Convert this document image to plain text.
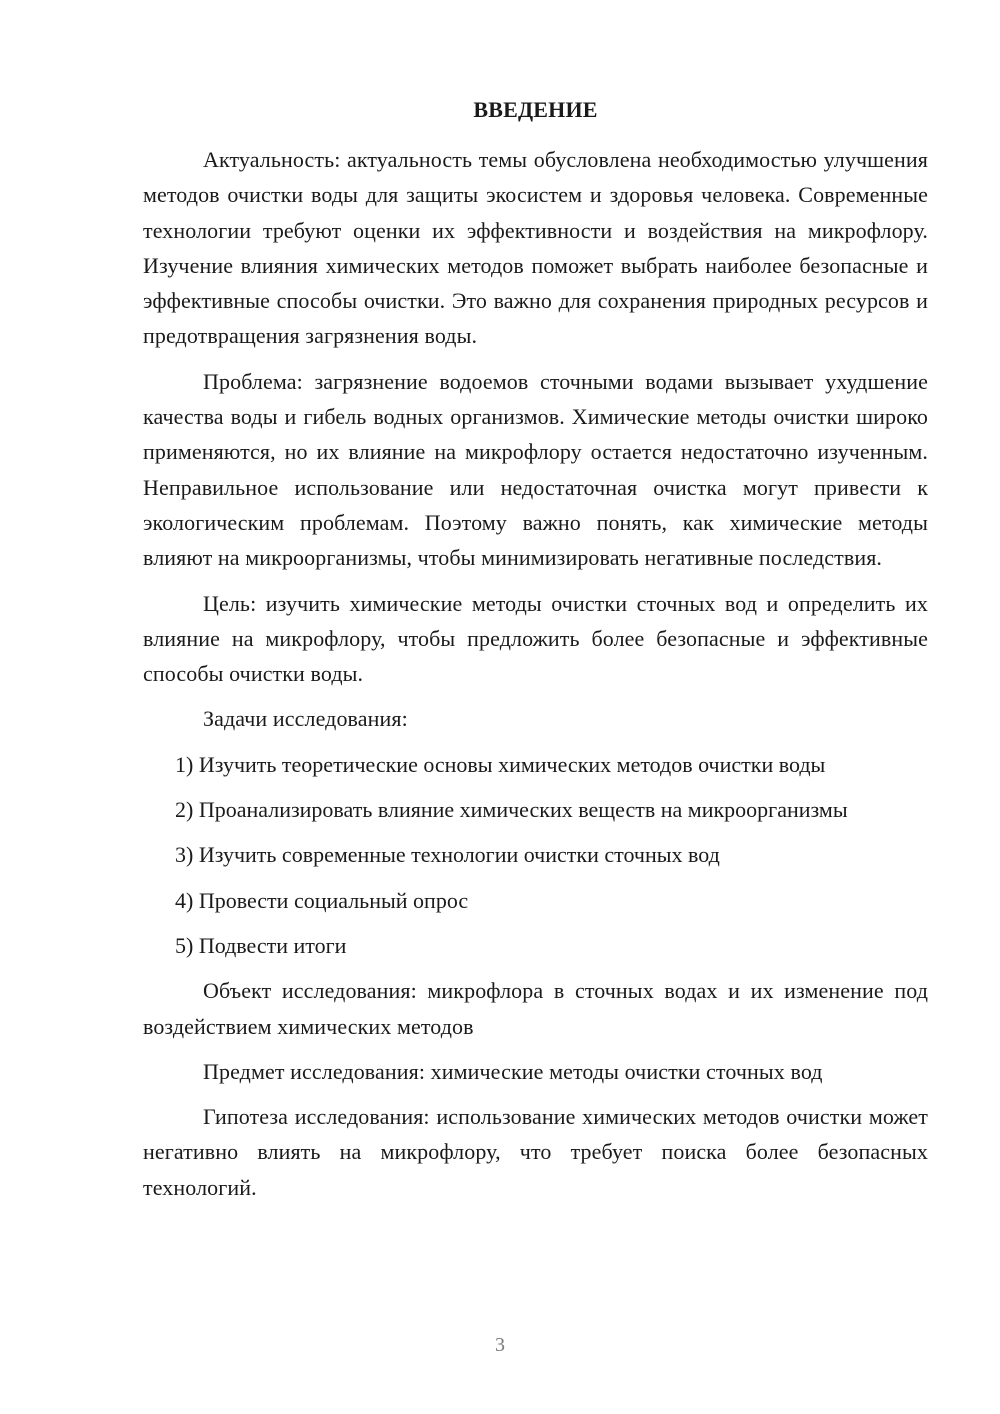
ВВЕДЕНИЕ

Актуальность: актуальность темы обусловлена необходимостью улучшения методов очистки воды для защиты экосистем и здоровья человека. Современные технологии требуют оценки их эффективности и воздействия на микрофлору. Изучение влияния химических методов поможет выбрать наиболее безопасные и эффективные способы очистки. Это важно для сохранения природных ресурсов и предотвращения загрязнения воды.

Проблема: загрязнение водоемов сточными водами вызывает ухудшение качества воды и гибель водных организмов. Химические методы очистки широко применяются, но их влияние на микрофлору остается недостаточно изученным. Неправильное использование или недостаточная очистка могут привести к экологическим проблемам. Поэтому важно понять, как химические методы влияют на микроорганизмы, чтобы минимизировать негативные последствия.

Цель: изучить химические методы очистки сточных вод и определить их влияние на микрофлору, чтобы предложить более безопасные и эффективные способы очистки воды.

Задачи исследования:

1) Изучить теоретические основы химических методов очистки воды

2) Проанализировать влияние химических веществ на микроорганизмы

3) Изучить современные технологии очистки сточных вод

4) Провести социальный опрос

5) Подвести итоги

Объект исследования: микрофлора в сточных водах и их изменение под воздействием химических методов

Предмет исследования: химические методы очистки сточных вод

Гипотеза исследования: использование химических методов очистки может негативно влиять на микрофлору, что требует поиска более безопасных технологий.

3
